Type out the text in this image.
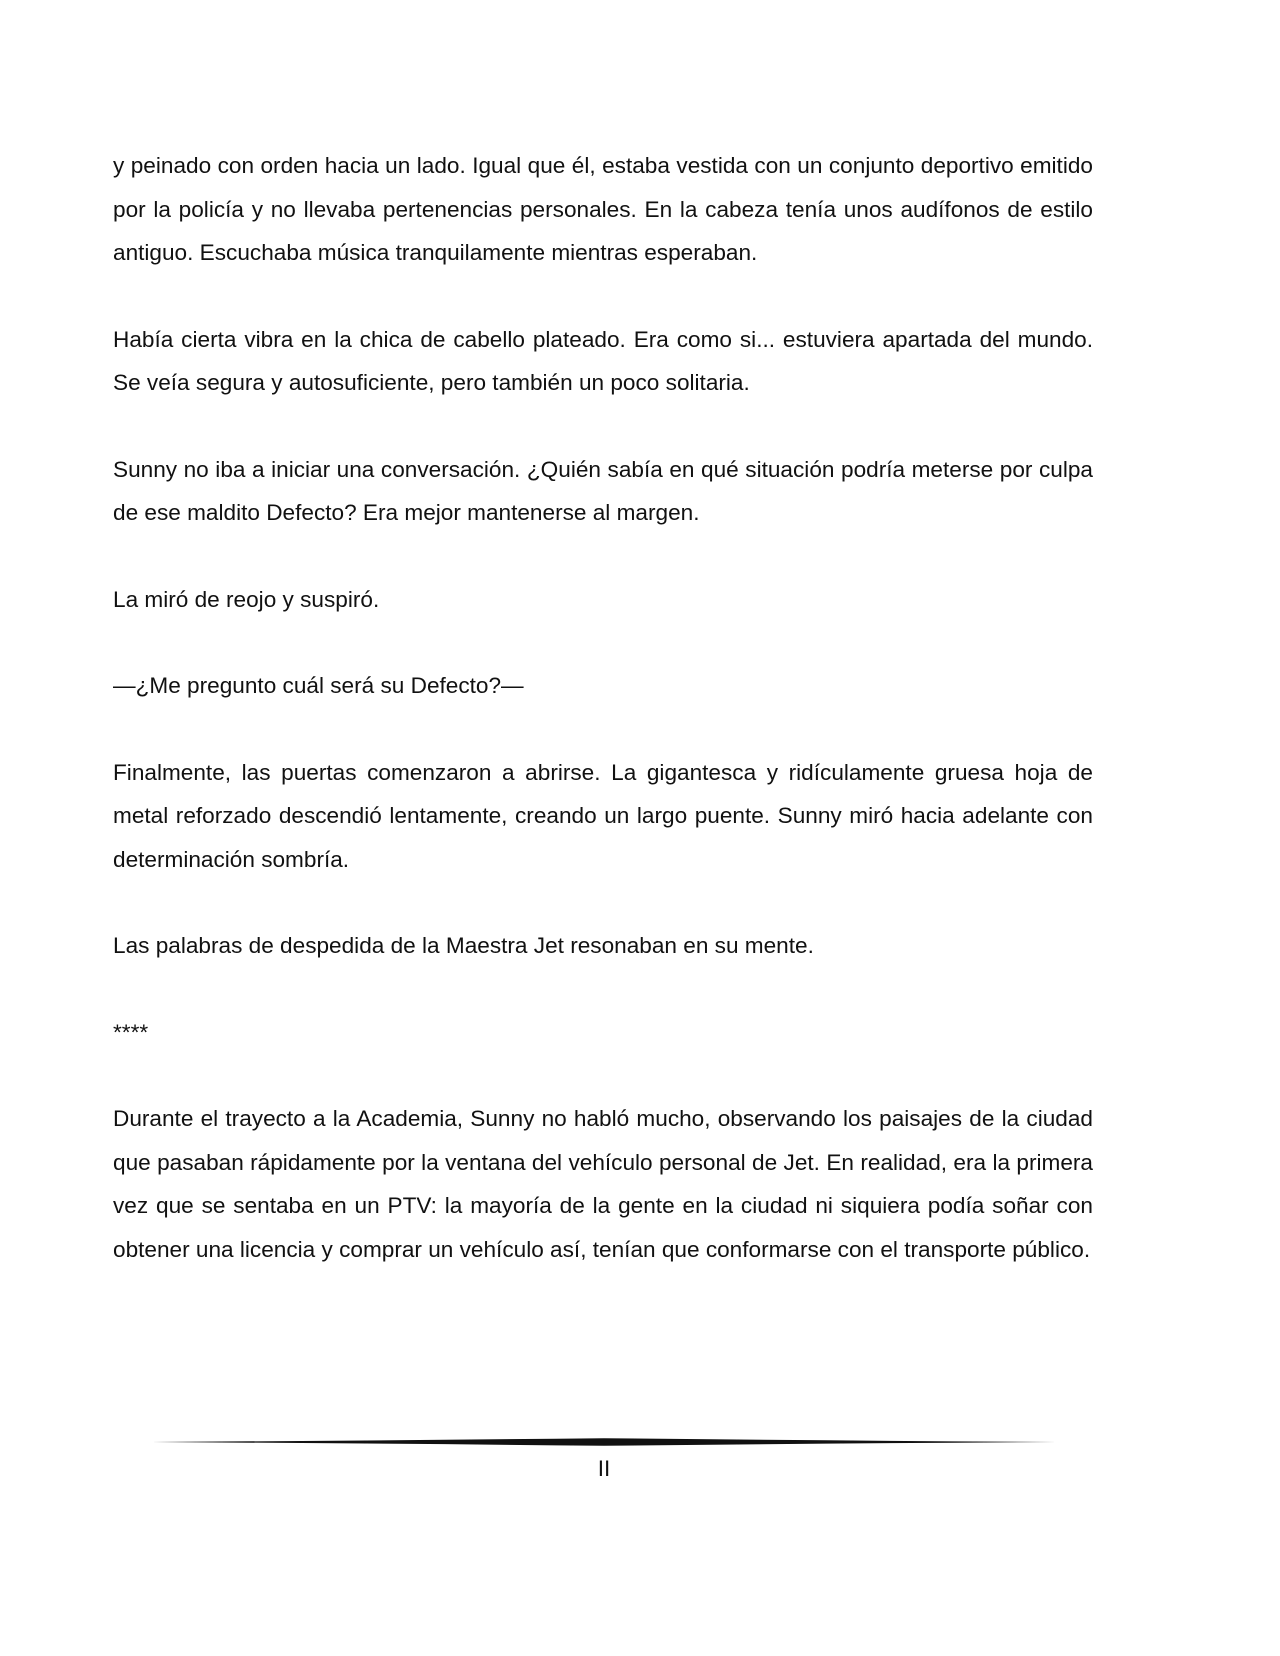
y peinado con orden hacia un lado. Igual que él, estaba vestida con un conjunto deportivo emitido por la policía y no llevaba pertenencias personales. En la cabeza tenía unos audífonos de estilo antiguo. Escuchaba música tranquilamente mientras esperaban.

Había cierta vibra en la chica de cabello plateado. Era como si... estuviera apartada del mundo. Se veía segura y autosuficiente, pero también un poco solitaria.

Sunny no iba a iniciar una conversación. ¿Quién sabía en qué situación podría meterse por culpa de ese maldito Defecto? Era mejor mantenerse al margen.

La miró de reojo y suspiró.

—¿Me pregunto cuál será su Defecto?—

Finalmente, las puertas comenzaron a abrirse. La gigantesca y ridículamente gruesa hoja de metal reforzado descendió lentamente, creando un largo puente. Sunny miró hacia adelante con determinación sombría.

Las palabras de despedida de la Maestra Jet resonaban en su mente.

****

Durante el trayecto a la Academia, Sunny no habló mucho, observando los paisajes de la ciudad que pasaban rápidamente por la ventana del vehículo personal de Jet. En realidad, era la primera vez que se sentaba en un PTV: la mayoría de la gente en la ciudad ni siquiera podía soñar con obtener una licencia y comprar un vehículo así, tenían que conformarse con el transporte público.

II
